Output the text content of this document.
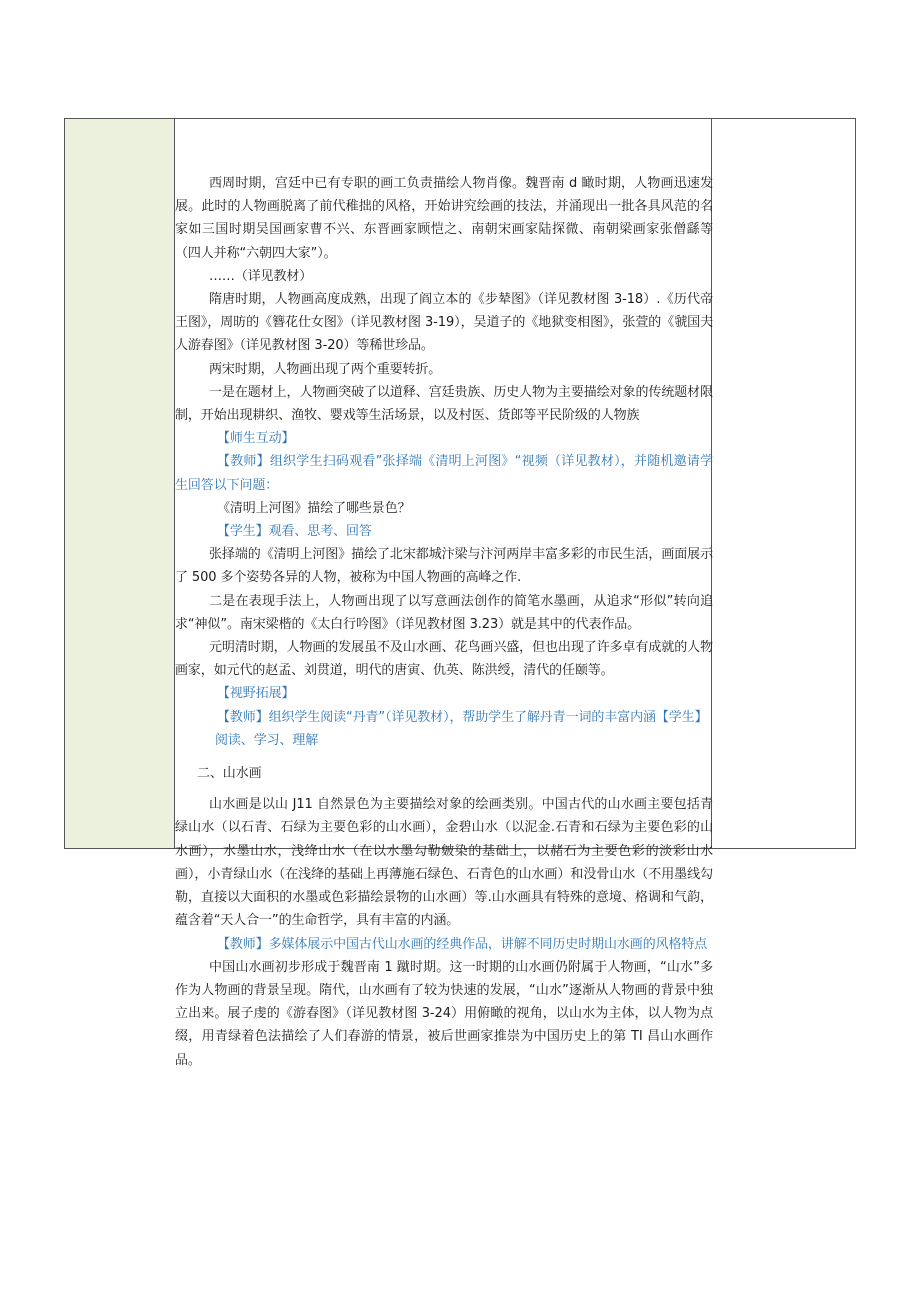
西周时期，宫廷中已有专职的画工负责描绘人物肖像。魏晋南 d 瞰时期，人物画迅速发展。此时的人物画脱离了前代稚拙的风格，开始讲究绘画的技法，并涌现出一批各具风范的名家如三国时期吴国画家曹不兴、东晋画家顾恺之、南朝宋画家陆探微、南朝梁画家张僧繇等（四人并称“六朝四大家”）。

……（详见教材）

隋唐时期，人物画高度成熟，出现了阎立本的《步辇图》（详见教材图 3-18）.《历代帝王图》，周昉的《簪花仕女图》（详见教材图 3-19），吴道子的《地狱变相图》，张萱的《虢国夫人游春图》（详见教材图 3-20）等稀世珍品。

两宋时期，人物画出现了两个重要转折。

一是在题材上，人物画突破了以道释、宫廷贵族、历史人物为主要描绘对象的传统题材限制，开始出现耕织、渔牧、婴戏等生活场景，以及村医、货郎等平民阶级的人物族

【师生互动】

【教师】组织学生扫码观看”张择端《清明上河图》“视频（详见教材），并随机邀请学生回答以下问题：

《清明上河图》描绘了哪些景色？

【学生】观看、思考、回答

张择端的《清明上河图》描绘了北宋都城汴梁与汴河两岸丰富多彩的市民生活，画面展示了 500 多个姿势各异的人物，被称为中国人物画的高峰之作.

二是在表现手法上，人物画出现了以写意画法创作的简笔水墨画，从追求“形似”转向追求“神似”。南宋梁楷的《太白行吟图》（详见教材图 3.23）就是其中的代表作品。

元明清时期，人物画的发展虽不及山水画、花鸟画兴盛，但也出现了许多卓有成就的人物画家，如元代的赵孟、刘贯道，明代的唐寅、仇英、陈洪绶，清代的任颐等。

【视野拓展】

【教师】组织学生阅读“丹青”（详见教材），帮助学生了解丹青一词的丰富内涵【学生】

阅读、学习、理解

二、山水画

山水画是以山 J11 自然景色为主要描绘对象的绘画类别。中国古代的山水画主要包括青绿山水（以石青、石绿为主要色彩的山水画），金碧山水（以泥金.石青和石绿为主要色彩的山水画），水墨山水，浅绛山水（在以水墨勾勒皴染的基础上，以赭石为主要色彩的淡彩山水画），小青绿山水（在浅绛的基础上再薄施石绿色、石青色的山水画）和没骨山水（不用墨线勾勒，直接以大面积的水墨或色彩描绘景物的山水画）等.山水画具有特殊的意境、格调和气韵，蕴含着“天人合一”的生命哲学，具有丰富的内涵。

【教师】多媒体展示中国古代山水画的经典作品，讲解不同历史时期山水画的风格特点

中国山水画初步形成于魏晋南 1 蹴时期。这一时期的山水画仍附属于人物画，“山水”多作为人物画的背景呈现。隋代，山水画有了较为快速的发展，“山水”逐渐从人物画的背景中独立出来。展子虔的《游春图》（详见教材图 3-24）用俯瞰的视角，以山水为主体，以人物为点缀，用青绿着色法描绘了人们春游的情景，被后世画家推崇为中国历史上的第 TI 昌山水画作品。
